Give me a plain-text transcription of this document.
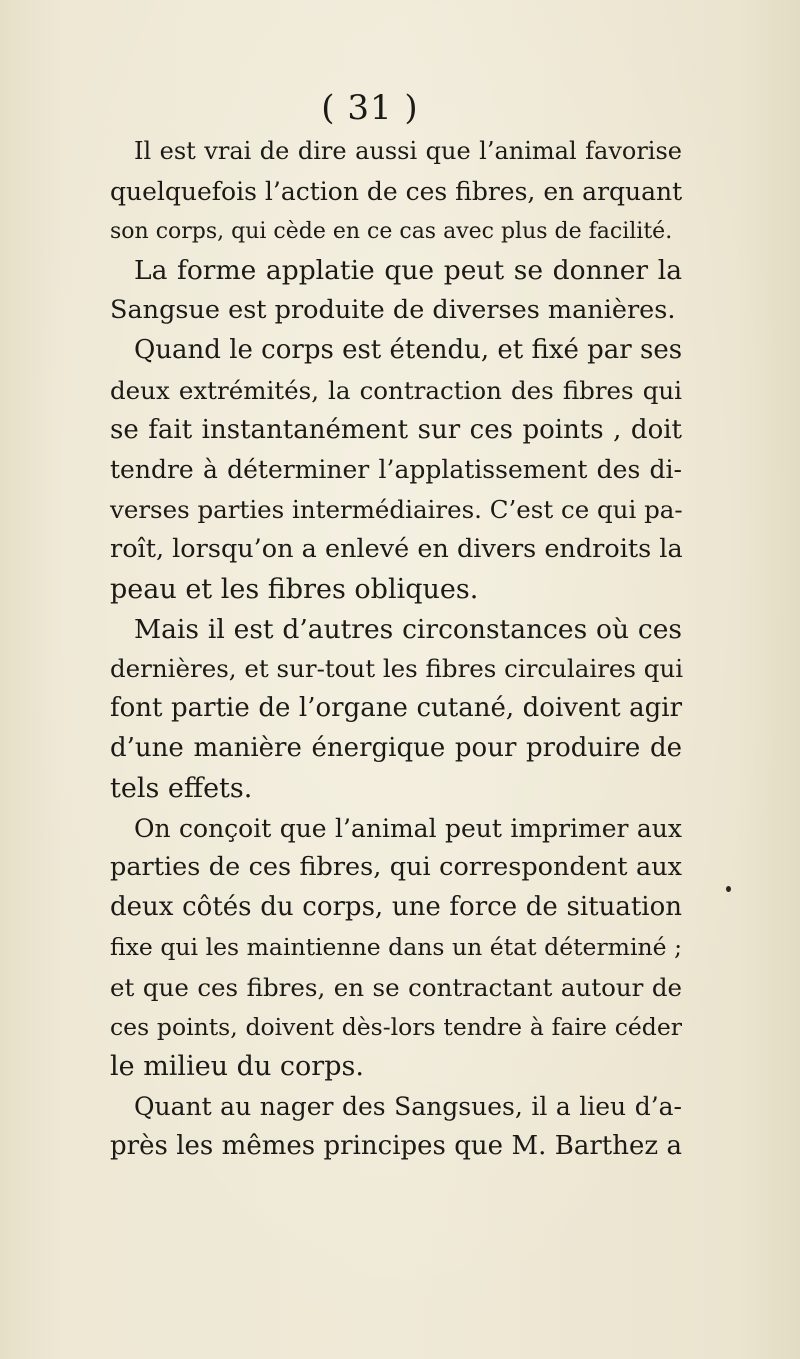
( 31 )
Il est vrai de dire aussi que l’animal favorise
quelquefois l’action de ces fibres, en arquant
son corps, qui cède en ce cas avec plus de facilité.
La forme applatie que peut se donner la
Sangsue est produite de diverses manières.
Quand le corps est étendu, et fixé par ses
deux extrémités, la contraction des fibres qui
se fait instantanément sur ces points , doit
tendre à déterminer l’applatissement des di-
verses parties intermédiaires. C’est ce qui pa-
roît, lorsqu’on a enlevé en divers endroits la
peau et les fibres obliques.
Mais il est d’autres circonstances où ces
dernières, et sur-tout les fibres circulaires qui
font partie de l’organe cutané, doivent agir
d’une manière énergique pour produire de
tels effets.
On conçoit que l’animal peut imprimer aux
parties de ces fibres, qui correspondent aux
deux côtés du corps, une force de situation
fixe qui les maintienne dans un état déterminé ;
et que ces fibres, en se contractant autour de
ces points, doivent dès-lors tendre à faire céder
le milieu du corps.
Quant au nager des Sangsues, il a lieu d’a-
près les mêmes principes que M. Barthez a
